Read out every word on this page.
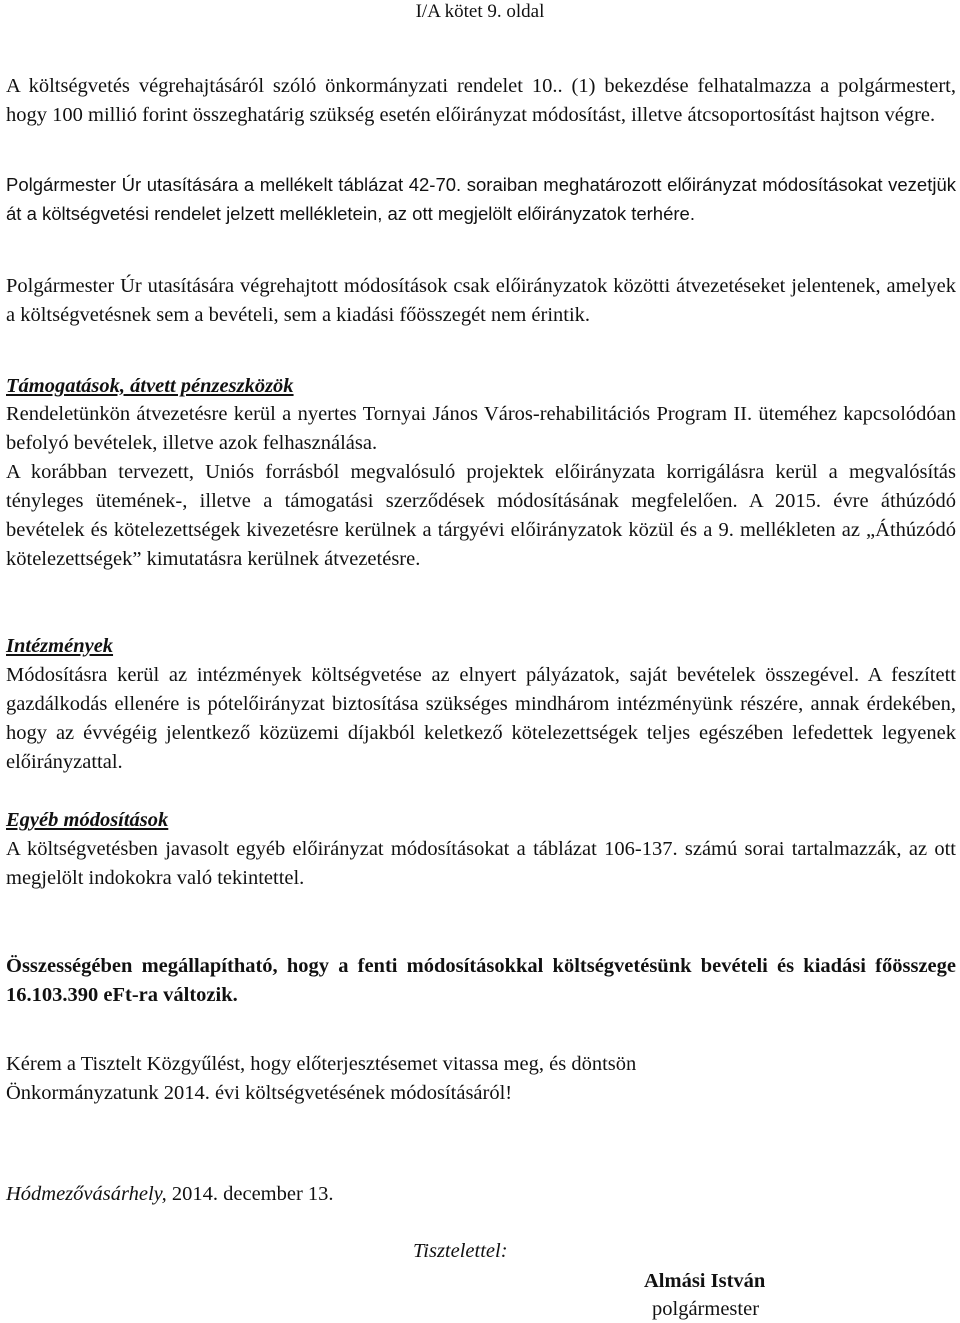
I/A kötet 9. oldal

A költségvetés végrehajtásáról szóló önkormányzati rendelet 10.. (1) bekezdése felhatalmazza a polgármestert, hogy 100 millió forint összeghatárig szükség esetén előirányzat módosítást, illetve átcsoportosítást hajtson végre.

Polgármester Úr utasítására a mellékelt táblázat 42-70. soraiban meghatározott előirányzat módosításokat vezetjük át a költségvetési rendelet jelzett mellékletein, az ott megjelölt előirányzatok terhére.

Polgármester Úr utasítására végrehajtott módosítások csak előirányzatok közötti átvezetéseket jelentenek, amelyek a költségvetésnek sem a bevételi, sem a kiadási főösszegét nem érintik.

Támogatások, átvett pénzeszközök

Rendeletünkön átvezetésre kerül a nyertes Tornyai János Város-rehabilitációs Program II. üteméhez kapcsolódóan befolyó bevételek, illetve azok felhasználása.

A korábban tervezett, Uniós forrásból megvalósuló projektek előirányzata korrigálásra kerül a megvalósítás tényleges ütemének-, illetve a támogatási szerződések módosításának megfelelően. A 2015. évre áthúzódó bevételek és kötelezettségek kivezetésre kerülnek a tárgyévi előirányzatok közül és a 9. mellékleten az „Áthúzódó kötelezettségek” kimutatásra kerülnek átvezetésre.

Intézmények

Módosításra kerül az intézmények költségvetése az elnyert pályázatok, saját bevételek összegével. A feszített gazdálkodás ellenére is pótelőirányzat biztosítása szükséges mindhárom intézményünk részére, annak érdekében, hogy az évvégéig jelentkező közüzemi díjakból keletkező kötelezettségek teljes egészében lefedettek legyenek előirányzattal.

Egyéb módosítások

A költségvetésben javasolt egyéb előirányzat módosításokat a táblázat 106-137. számú sorai tartalmazzák, az ott megjelölt indokokra való tekintettel.

Összességében megállapítható, hogy a fenti módosításokkal költségvetésünk bevételi és kiadási főösszege 16.103.390 eFt-ra változik.

Kérem a Tisztelt Közgyűlést, hogy előterjesztésemet vitassa meg, és döntsön
Önkormányzatunk 2014. évi költségvetésének módosításáról!
Hódmezővásárhely, 2014. december 13.
Tisztelettel:
Almási István
polgármester
